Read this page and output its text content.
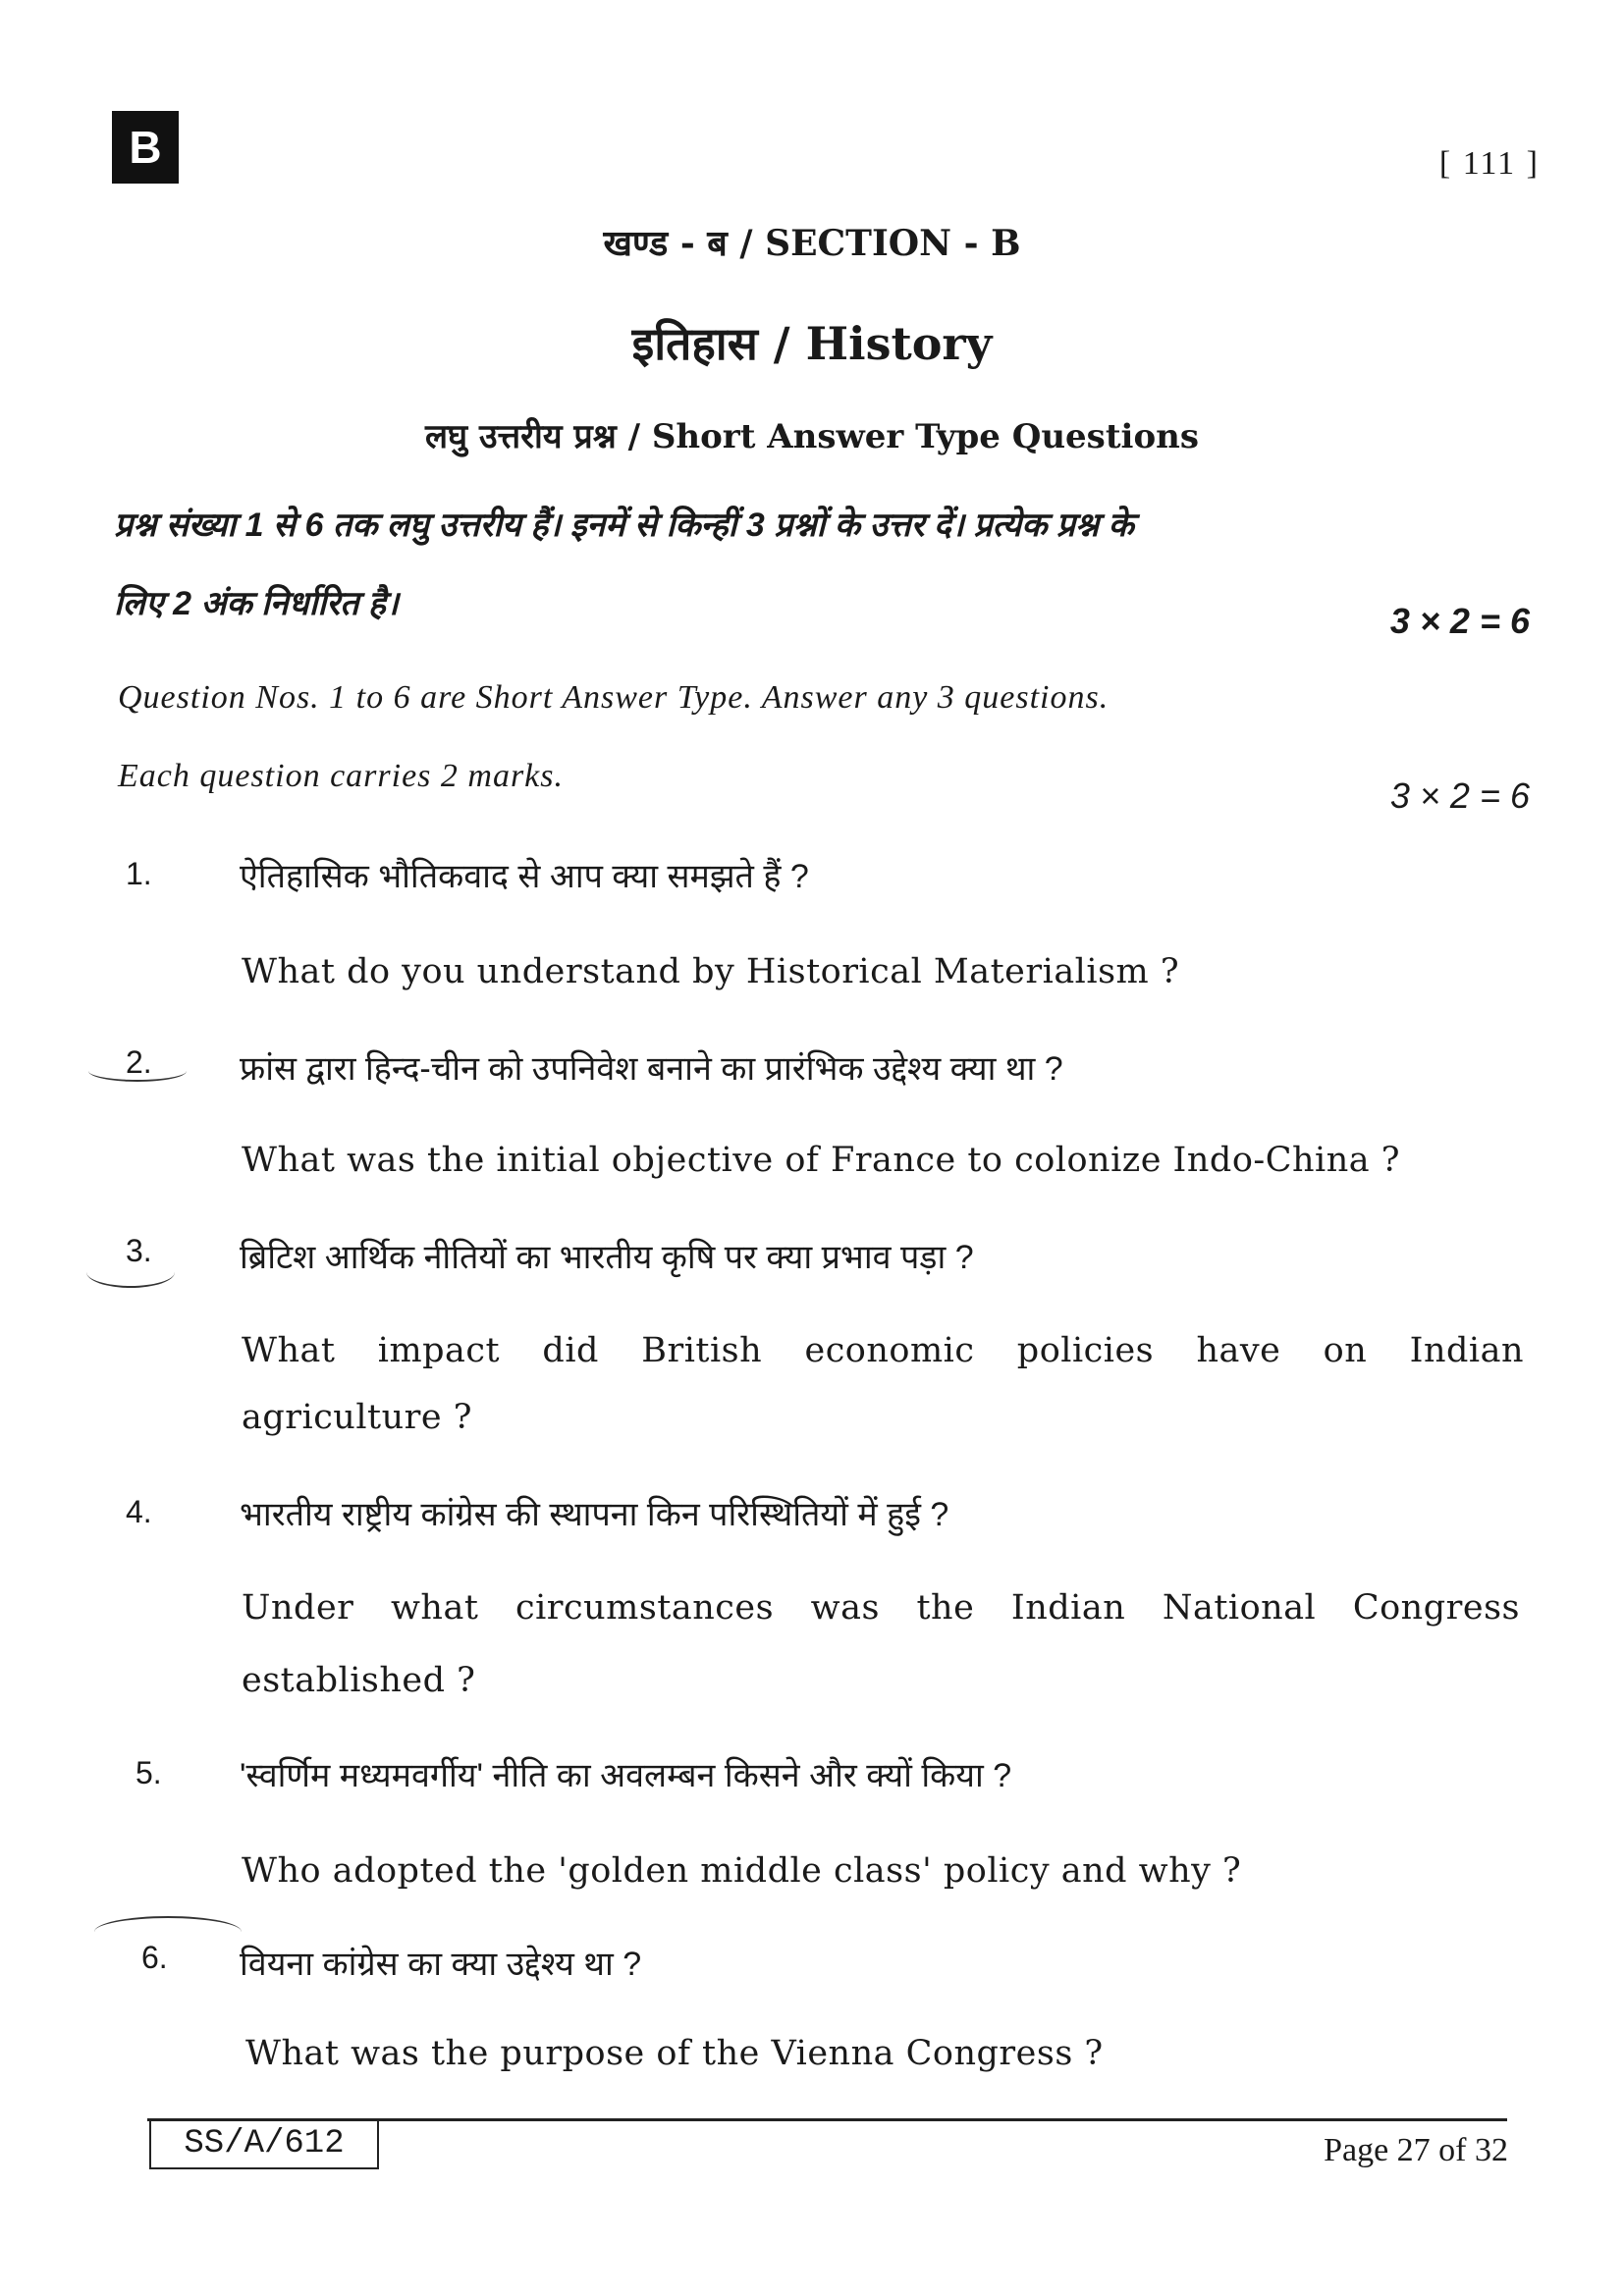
B	[ 111 ]
खण्ड - ब / SECTION - B
इतिहास / History
लघु उत्तरीय प्रश्न / Short Answer Type Questions
प्रश्न संख्या 1 से 6 तक लघु उत्तरीय हैं। इनमें से किन्हीं 3 प्रश्नों के उत्तर दें। प्रत्येक प्रश्न के
लिए 2 अंक निर्धारित है।	3 × 2 = 6
Question Nos. 1 to 6 are Short Answer Type. Answer any 3 questions.
Each question carries 2 marks.	3 × 2 = 6
1.	ऐतिहासिक भौतिकवाद से आप क्या समझते हैं ?
What do you understand by Historical Materialism ?
2.	फ्रांस द्वारा हिन्द-चीन को उपनिवेश बनाने का प्रारंभिक उद्देश्य क्या था ?
What was the initial objective of France to colonize Indo-China ?
3.	ब्रिटिश आर्थिक नीतियों का भारतीय कृषि पर क्या प्रभाव पड़ा ?
What impact did British economic policies have on Indian
agriculture ?
4.	भारतीय राष्ट्रीय कांग्रेस की स्थापना किन परिस्थितियों में हुई ?
Under what circumstances was the Indian National Congress
established ?
5. 'स्वर्णिम मध्यमवर्गीय' नीति का अवलम्बन किसने और क्यों किया ?
Who adopted the 'golden middle class' policy and why ?
6. वियना कांग्रेस का क्या उद्देश्य था ?
What was the purpose of the Vienna Congress ?
SS/A/612	Page 27 of 32
